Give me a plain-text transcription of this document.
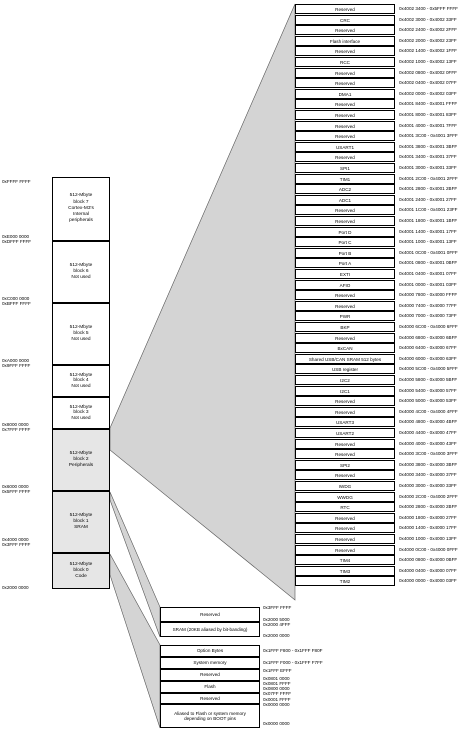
512-Mbyte
block 7
Cortex-M3's
Internal
peripherals
512-Mbyte
block 6
Not used
512-Mbyte
block 5
Not used
512-Mbyte
block 4
Not used
512-Mbyte
block 2
Peripherals
512-Mbyte
block 1
SRAM
512-Mbyte
block 0
Code
0xFFFF FFFF
0xE000 0000
0xDFFF FFFF
0xC000 0000
0xBFFF FFFF
0xA000 0000
0x9FFF FFFF
0x8000 0000
0x7FFF FFFF
0x6000 0000
0x5FFF FFFF
0x4000 0000
0x3FFF FFFF
0x2000 0000
Reserved	0x4002 3400 - 0x5FFF FFFF
CRC	0x4002 3000 - 0x4002 33FF
Reserved	0x4002 2400 - 0x4002 2FFF
Flash interface	0x4002 2000 - 0x4002 23FF
Reserved	0x4002 1400 - 0x4002 1FFF
RCC	0x4002 1000 - 0x4002 13FF
Reserved	0x4002 0800 - 0x4002 0FFF
Reserved	0x4002 0400 - 0x4002 07FF
DMA1	0x4002 0000 - 0x4002 03FF
Reserved	0x4001 8400 - 0x4001 FFFF
Reserved	0x4001 8000 - 0x4001 83FF
Reserved	0x4001 4000 - 0x4001 7FFF
Reserved	0x4001 3C00 - 0x4001 3FFF
USART1	0x4001 3800 - 0x4001 3BFF
Reserved	0x4001 3400 - 0x4001 37FF
SPI1	0x4001 3000 - 0x4001 33FF
TIM1	0x4001 2C00 - 0x4001 2FFF
ADC2	0x4001 2800 - 0x4001 2BFF
ADC1	0x4001 2400 - 0x4001 27FF
Reserved	0x4001 1C00 - 0x4001 23FF
Reserved	0x4001 1800 - 0x4001 1BFF
Port D	0x4001 1400 - 0x4001 17FF
Port C	0x4001 1000 - 0x4001 13FF
Port B	0x4001 0C00 - 0x4001 0FFF
Port A	0x4001 0800 - 0x4001 0BFF
EXTI	0x4001 0400 - 0x4001 07FF
AFIO	0x4001 0000 - 0x4001 03FF
Reserved	0x4000 7800 - 0x4000 FFFF
Reserved	0x4000 7400 - 0x4000 77FF
PWR	0x4000 7000 - 0x4000 73FF
BKP	0x4000 6C00 - 0x4000 6FFF
Reserved	0x4000 6800 - 0x4000 6BFF
BxCAN	0x4000 6400 - 0x4000 67FF
Shared USB/CAN SRAM 512 bytes	0x4000 6000 - 0x4000 63FF
USB register	0x4000 5C00 - 0x4000 5FFF
I2C2	0x4000 5800 - 0x4000 5BFF
I2C1	0x4000 5400 - 0x4000 57FF
Reserved	0x4000 5000 - 0x4000 53FF
Reserved	0x4000 4C00 - 0x4000 4FFF
USART3	0x4000 4800 - 0x4000 4BFF
USART2	0x4000 4400 - 0x4000 47FF
Reserved	0x4000 4000 - 0x4000 43FF
Reserved	0x4000 3C00 - 0x4000 3FFF
SPI2	0x4000 3800 - 0x4000 3BFF
Reserved	0x4000 3400 - 0x4000 37FF
IWDG	0x4000 3000 - 0x4000 33FF
WWDG	0x4000 2C00 - 0x4000 2FFF
RTC	0x4000 2800 - 0x4000 2BFF
Reserved	0x4000 1800 - 0x4000 27FF
Reserved	0x4000 1400 - 0x4000 17FF
Reserved	0x4000 1000 - 0x4000 13FF
Reserved	0x4000 0C00 - 0x4000 0FFF
TIM4	0x4000 0800 - 0x4000 0BFF
TIM3	0x4000 0400 - 0x4000 07FF
TIM2	0x4000 0000 - 0x4000 03FF
Reserved
SRAM (20KB aliased by bit-banding)
Option Bytes
System memory
Reserved
Flash
Reserved
Aliased to Flash or system memory
depending on BOOT pins
0x3FFF FFFF
0x2000 5000
0x2000 4FFF
0x2000 0000
0x1FFF F800 - 0x1FFF F80F
0x1FFF F000 - 0x1FFF F7FF
0x1FFF EFFF
0x0801 0000
0x0801 FFFF
0x0800 0000
0x07FF FFFF
0x0001 FFFF
0x0000 0000
0x0000 0000
512-Mbyte
block 3
Not used
